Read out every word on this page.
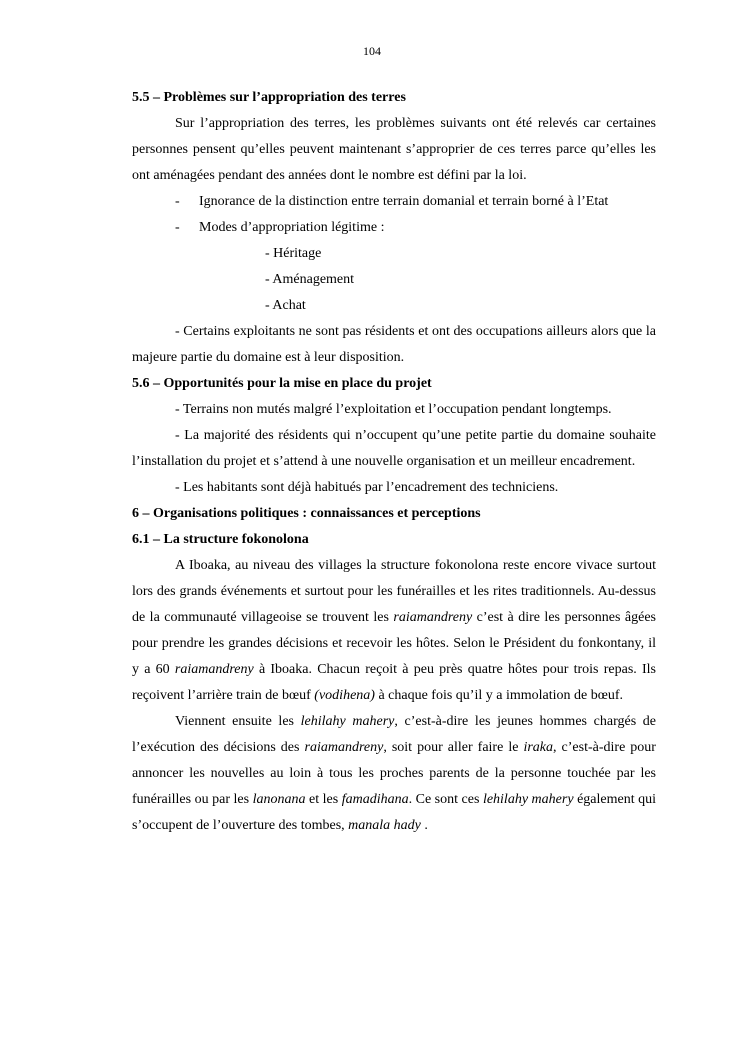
104

5.5 – Problèmes sur l’appropriation des terres

Sur l’appropriation des terres, les problèmes suivants ont été relevés car certaines personnes pensent qu’elles peuvent maintenant s’approprier de ces terres parce qu’elles les ont aménagées pendant des années dont le nombre est défini par la loi.

- Ignorance de la distinction entre terrain domanial et terrain borné à l’Etat

- Modes d’appropriation légitime :

- Héritage

- Aménagement

- Achat

- Certains exploitants ne sont pas résidents et ont des occupations ailleurs alors que la majeure partie du domaine est à leur disposition.

5.6 – Opportunités pour la mise en place du projet

- Terrains non mutés malgré l’exploitation et l’occupation pendant longtemps.

- La majorité des résidents qui n’occupent qu’une petite partie du domaine souhaite l’installation du projet et s’attend à une nouvelle organisation et un meilleur encadrement.

- Les habitants sont déjà habitués par l’encadrement des techniciens.

6 – Organisations politiques : connaissances et perceptions

6.1 – La structure fokonolona

A Iboaka, au niveau des villages la structure fokonolona reste encore vivace surtout lors des grands événements et surtout pour les funérailles et les rites traditionnels. Au-dessus de la communauté villageoise se trouvent les raiamandreny c’est à dire les personnes âgées pour prendre les grandes décisions et recevoir les hôtes. Selon le Président du fonkontany, il y a 60 raiamandreny à Iboaka. Chacun reçoit à peu près quatre hôtes pour trois repas. Ils reçoivent l’arrière train de bœuf (vodihena) à chaque fois qu’il y a immolation de bœuf.

Viennent ensuite les lehilahy mahery, c’est-à-dire les jeunes hommes chargés de l’exécution des décisions des raiamandreny, soit pour aller faire le iraka, c’est-à-dire pour annoncer les nouvelles au loin à tous les proches parents de la personne touchée par les funérailles ou par les lanonana et les famadihana. Ce sont ces lehilahy mahery également qui s’occupent de l’ouverture des tombes, manala hady .
